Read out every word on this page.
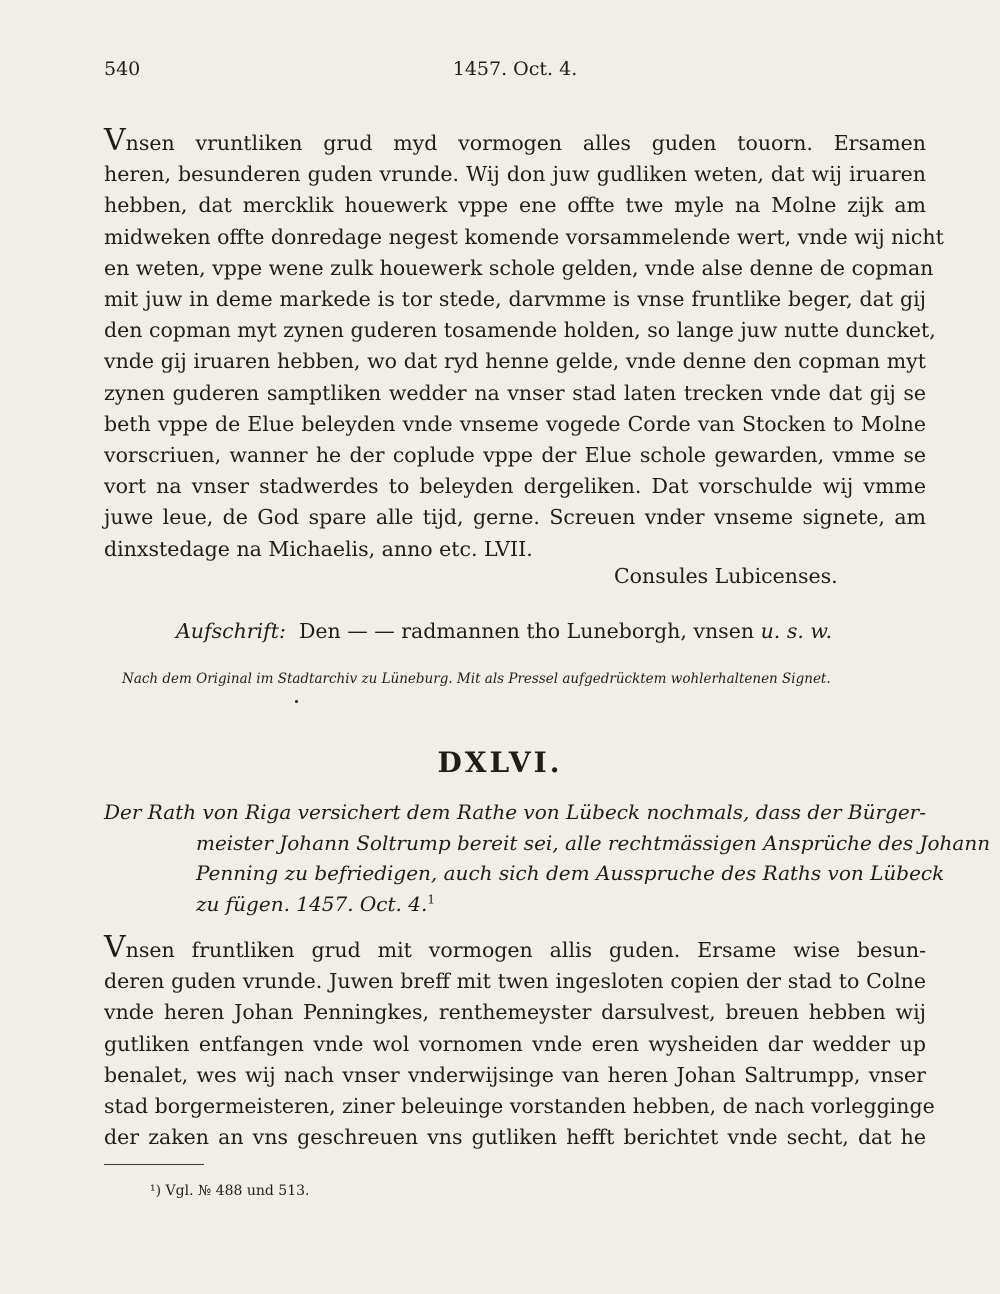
540	1457. Oct. 4.
Vnsen vruntliken grud myd vormogen alles guden touorn. Ersamen
heren, besunderen guden vrunde. Wij don juw gudliken weten, dat wij iruaren
hebben, dat mercklik houewerk vppe ene offte twe myle na Molne zijk am
midweken offte donredage negest komende vorsammelende wert, vnde wij nicht
en weten, vppe wene zulk houewerk schole gelden, vnde alse denne de copman
mit juw in deme markede is tor stede, darvmme is vnse fruntlike beger, dat gij
den copman myt zynen guderen tosamende holden, so lange juw nutte duncket,
vnde gij iruaren hebben, wo dat ryd henne gelde, vnde denne den copman myt
zynen guderen samptliken wedder na vnser stad laten trecken vnde dat gij se
beth vppe de Elue beleyden vnde vnseme vogede Corde van Stocken to Molne
vorscriuen, wanner he der coplude vppe der Elue schole gewarden, vmme se
vort na vnser stadwerdes to beleyden dergeliken. Dat vorschulde wij vmme
juwe leue, de God spare alle tijd, gerne. Screuen vnder vnseme signete, am
dinxstedage na Michaelis, anno etc. LVII.
Consules Lubicenses.
Aufschrift: Den — — radmannen tho Luneborgh, vnsen u. s. w.
Nach dem Original im Stadtarchiv zu Lüneburg. Mit als Pressel aufgedrücktem wohlerhaltenen Signet.
DXLVI.
Der Rath von Riga versichert dem Rathe von Lübeck nochmals, dass der Bürger-
meister Johann Soltrump bereit sei, alle rechtmässigen Ansprüche des Johann
Penning zu befriedigen, auch sich dem Ausspruche des Raths von Lübeck
zu fügen. 1457. Oct. 4.$^1$
Vnsen fruntliken grud mit vormogen allis guden. Ersame wise besun-
deren guden vrunde. Juwen breff mit twen ingesloten copien der stad to Colne
vnde heren Johan Penningkes, renthemeyster darsulvest, breuen hebben wij
gutliken entfangen vnde wol vornomen vnde eren wysheiden dar wedder up
benalet, wes wij nach vnser vnderwijsinge van heren Johan Saltrumpp, vnser
stad borgermeisteren, ziner beleuinge vorstanden hebben, de nach vorlegginge
der zaken an vns geschreuen vns gutliken hefft berichtet vnde secht, dat he
¹) Vgl. № 488 und 513.
